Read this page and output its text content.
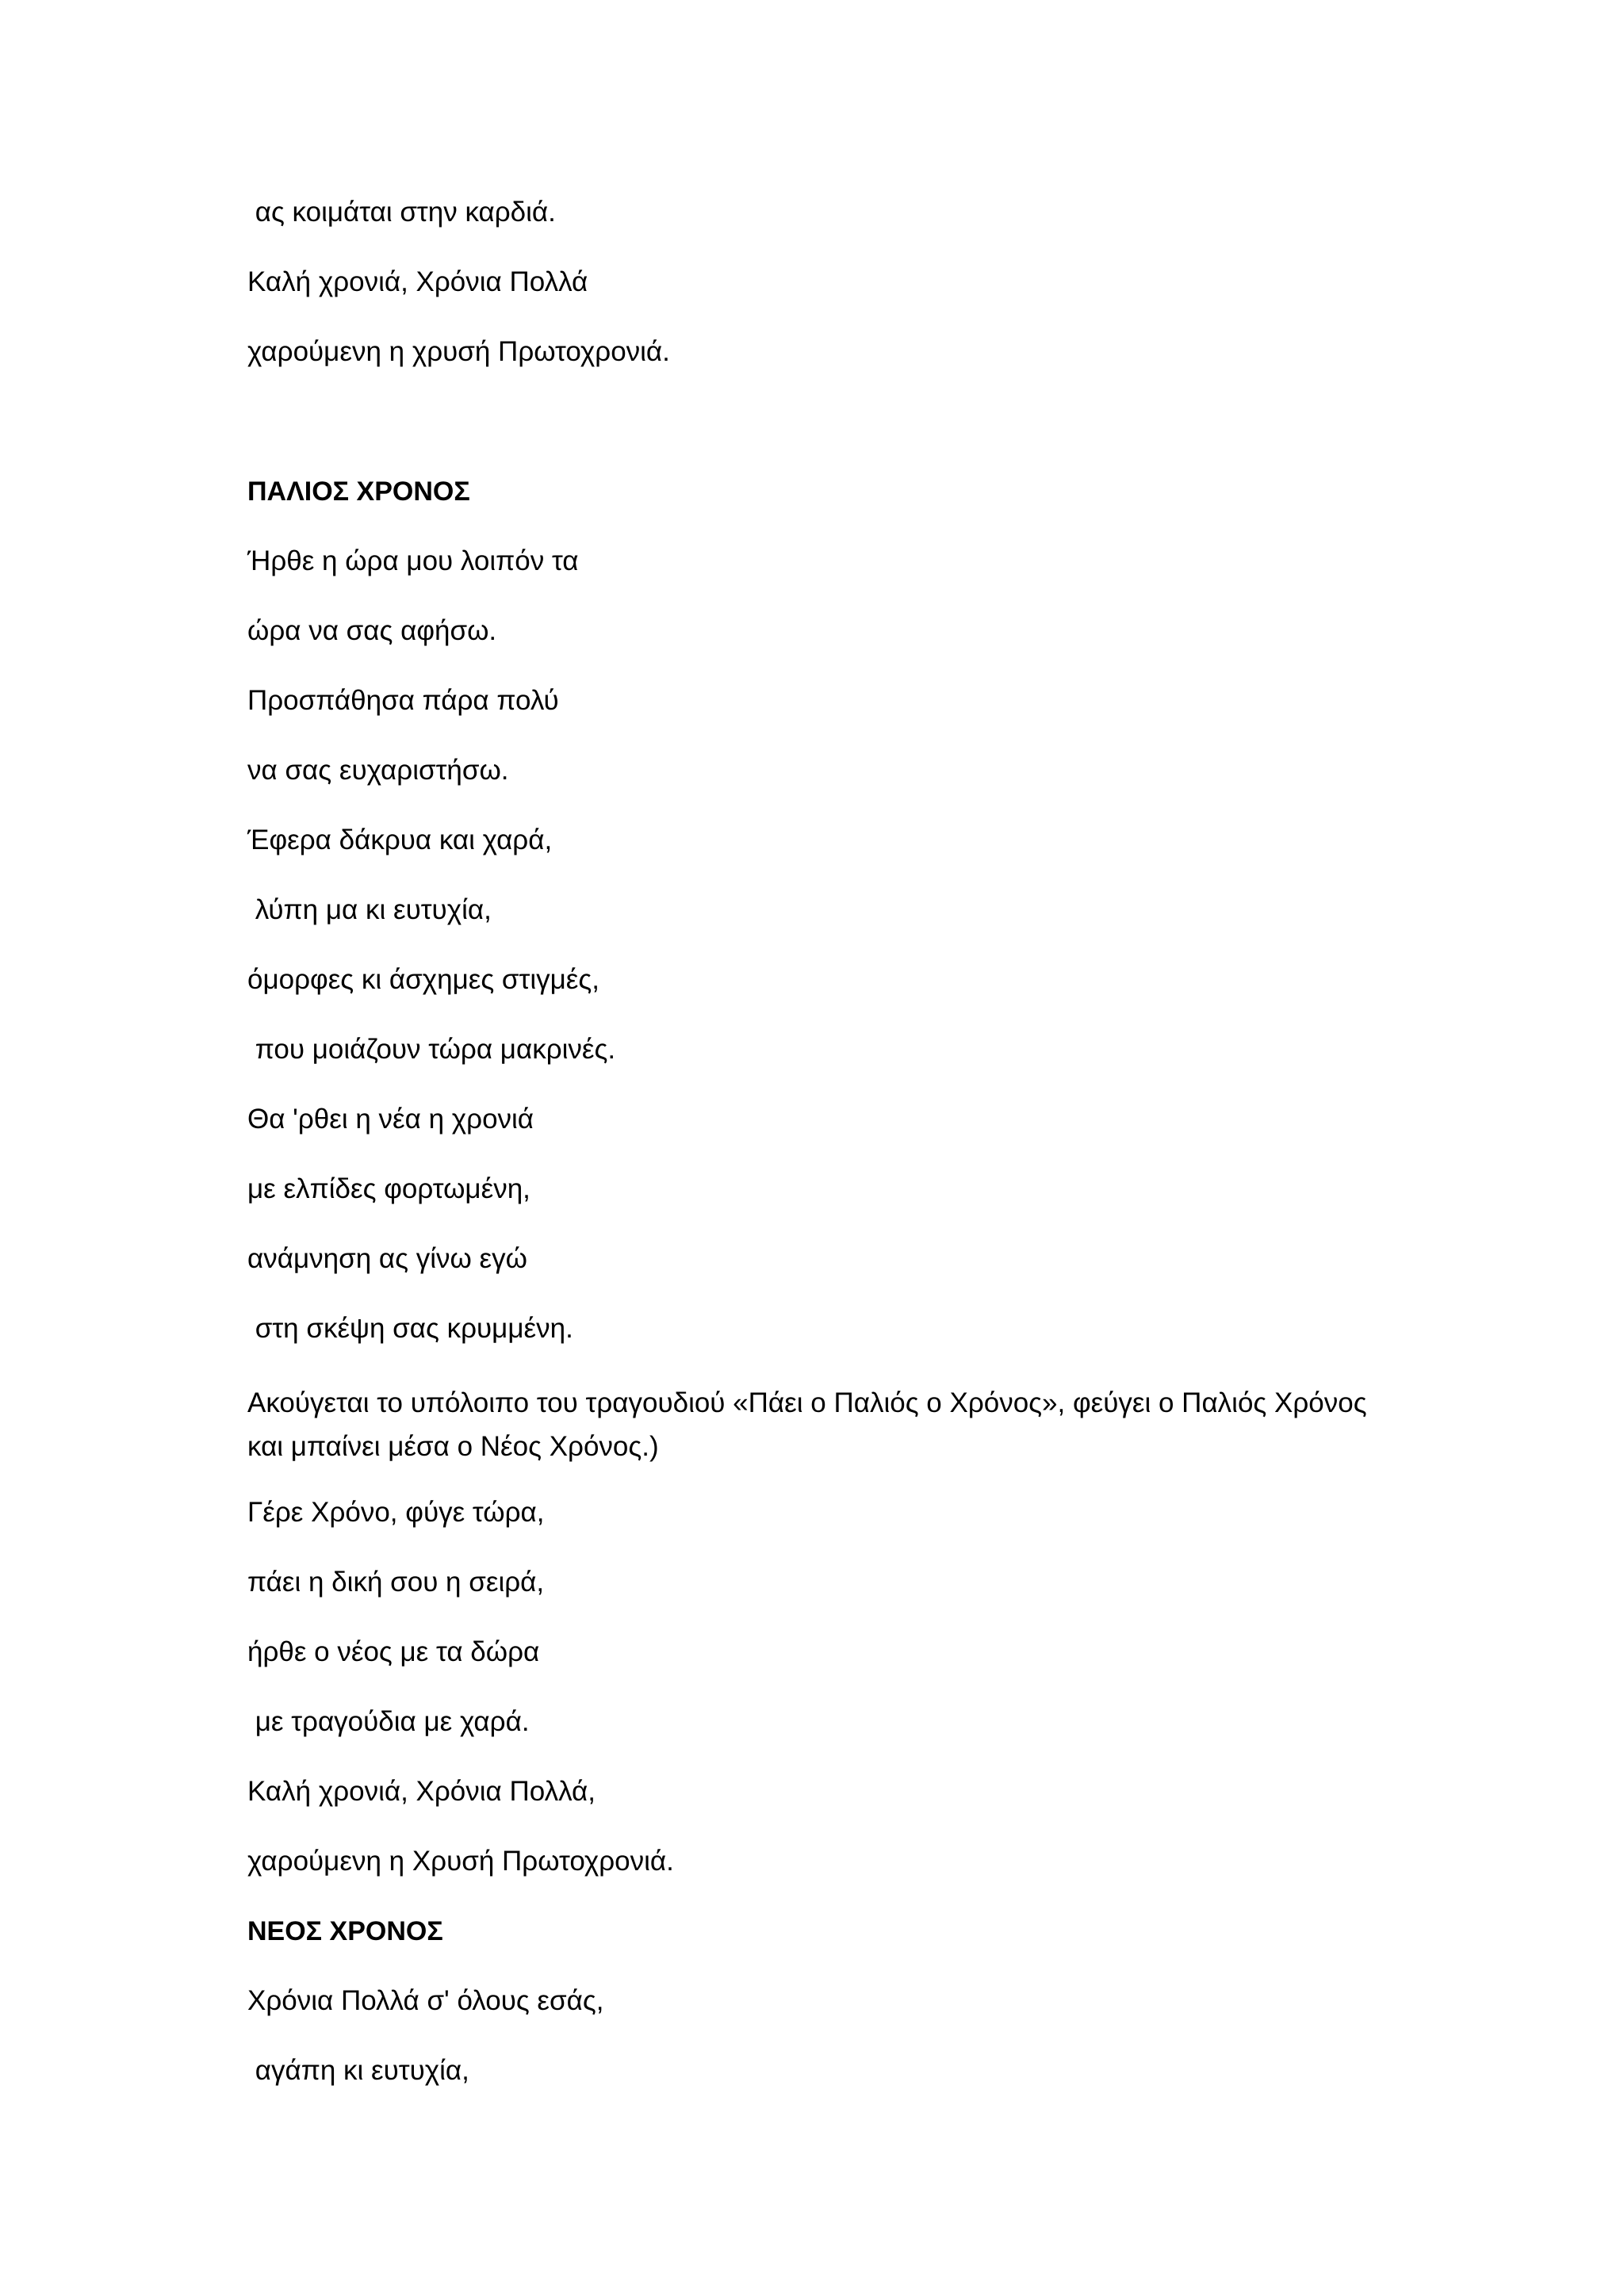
ας κοιμάται στην καρδιά.
Καλή χρονιά, Χρόνια Πολλά
χαρούμενη η χρυσή Πρωτοχρονιά.
ΠΑΛΙΟΣ ΧΡΟΝΟΣ
Ήρθε η ώρα μου λοιπόν τα
ώρα να σας αφήσω.
Προσπάθησα πάρα πολύ
να σας ευχαριστήσω.
Έφερα δάκρυα και χαρά,
λύπη μα κι ευτυχία,
όμορφες κι άσχημες στιγμές,
που μοιάζουν τώρα μακρινές.
Θα 'ρθει η νέα η χρονιά
με ελπίδες φορτωμένη,
ανάμνηση ας γίνω εγώ
στη σκέψη σας κρυμμένη.
Ακούγεται το υπόλοιπο του τραγουδιού «Πάει ο Παλιός ο Χρόνος», φεύγει ο Παλιός Χρόνος και μπαίνει μέσα ο Νέος Χρόνος.)
Γέρε Χρόνο, φύγε τώρα,
πάει η δική σου η σειρά,
ήρθε ο νέος με τα δώρα
με τραγούδια με χαρά.
Καλή χρονιά, Χρόνια Πολλά,
χαρούμενη η Χρυσή Πρωτοχρονιά.
ΝΕΟΣ ΧΡΟΝΟΣ
Χρόνια Πολλά σ' όλους εσάς,
αγάπη κι ευτυχία,
